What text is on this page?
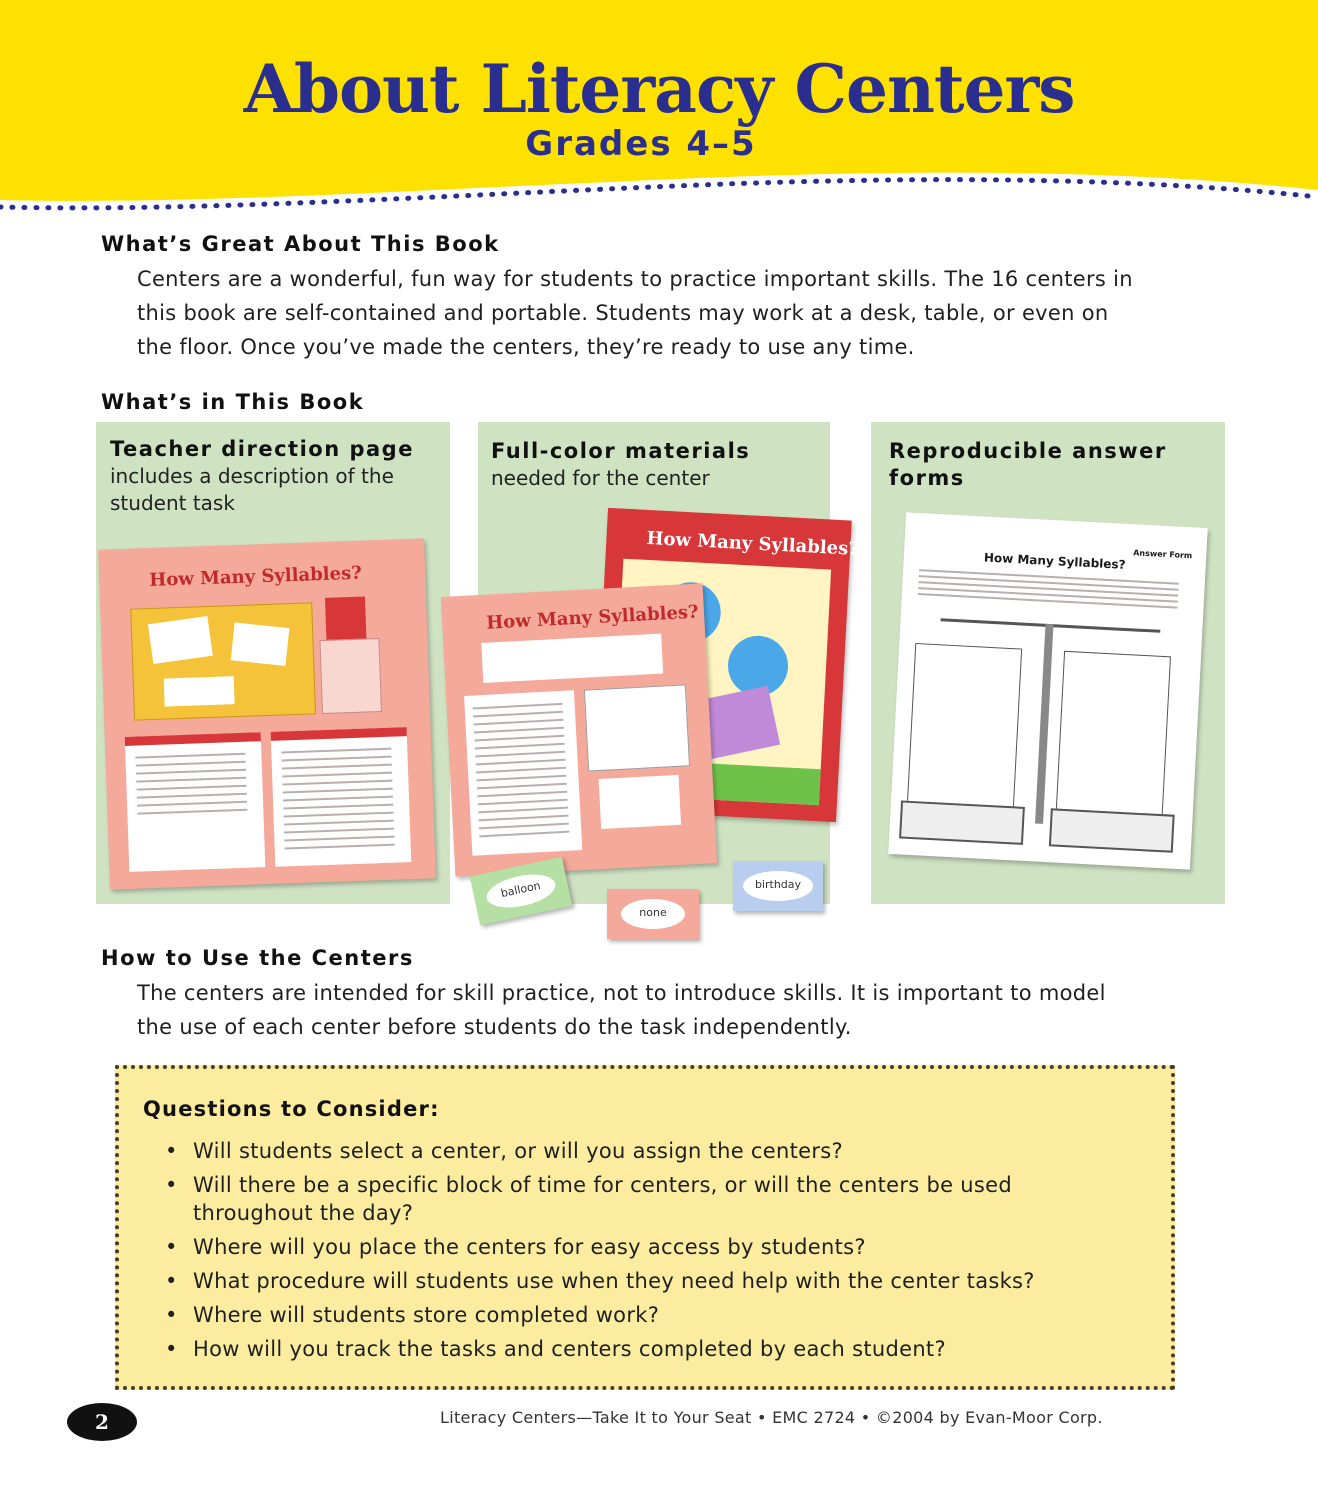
About Literacy Centers
Grades 4–5
What’s Great About This Book
Centers are a wonderful, fun way for students to practice important skills. The 16 centers in
this book are self-contained and portable. Students may work at a desk, table, or even on
the floor. Once you’ve made the centers, they’re ready to use any time.
What’s in This Book
Teacher direction page
includes a description of the
student task
How Many Syllables?
Full-color materials
needed for the center
How Many Syllables?
How Many Syllables?
balloon
none
birthday
Reproducible answer
forms
Answer Form
How Many Syllables?
How to Use the Centers
The centers are intended for skill practice, not to introduce skills. It is important to model
the use of each center before students do the task independently.
Questions to Consider:
• Will students select a center, or will you assign the centers?
• Will there be a specific block of time for centers, or will the centers be used throughout the day?
• Where will you place the centers for easy access by students?
• What procedure will students use when they need help with the center tasks?
• Where will students store completed work?
• How will you track the tasks and centers completed by each student?
2	Literacy Centers—Take It to Your Seat • EMC 2724 • ©2004 by Evan-Moor Corp.
